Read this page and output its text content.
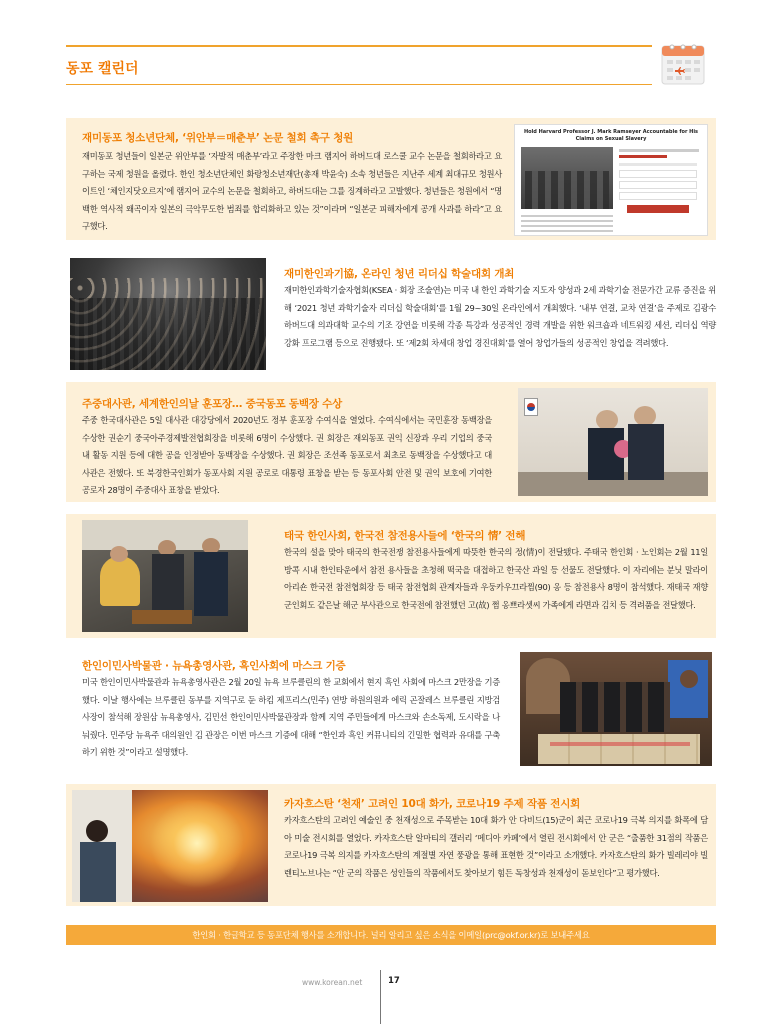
동포 캘린더
재미동포 청소년단체, ‘위안부＝매춘부’ 논문 철회 촉구 청원
재미동포 청년들이 일본군 위안부를 ‘자발적 매춘부’라고 주장한 마크 램지어 하버드대 로스쿨 교수 논문을 철회하라고 요구하는 국제 청원을 올렸다. 한인 청소년단체인 화랑청소년재단(총재 박윤숙) 소속 청년들은 지난주 세계 최대규모 청원사이트인 ‘체인지닷오르지’에 램지어 교수의 논문을 철회하고, 하버드대는 그를 징계하라고 고발했다. 청년들은 청원에서 “명백한 역사적 왜곡이자 일본의 극악무도한 범죄를 합리화하고 있는 것”이라며 “일본군 피해자에게 공개 사과를 하라”고 요구했다.
Hold Harvard Professor J. Mark Ramseyer Accountable for His Claims on Sexual Slavery
재미한인과기協, 온라인 청년 리더십 학술대회 개최
재미한인과학기술자협회(KSEA · 회장 조술연)는 미국 내 한인 과학기술 지도자 양성과 2세 과학기술 전문가간 교류 증진을 위해 ‘2021 청년 과학기술자 리더십 학술대회’를 1월 29~30일 온라인에서 개최했다. ‘내부 연결, 교차 연결’을 주제로 김광수 하버드대 의과대학 교수의 기조 강연을 비롯해 각종 특강과 성공적인 경력 개발을 위한 워크숍과 네트워킹 세션, 리더십 역량 강화 프로그램 등으로 진행됐다. 또 ‘제2회 차세대 창업 경진대회’를 열어 창업가들의 성공적인 창업을 격려했다.
주중대사관, 세계한인의날 훈포장… 중국동포 동백장 수상
주중 한국대사관은 5일 대사관 대강당에서 2020년도 정부 훈포장 수여식을 열었다. 수여식에서는 국민훈장 동백장을 수상한 권순기 중국아주경제발전협회장을 비롯해 6명이 수상했다. 권 회장은 재외동포 권익 신장과 우리 기업의 중국 내 활동 지원 등에 대한 공을 인정받아 동백장을 수상했다. 권 회장은 조선족 동포로서 최초로 동백장을 수상했다고 대사관은 전했다. 또 북경한국인회가 동포사회 지원 공로로 대통령 표창을 받는 등 동포사회 안전 및 권익 보호에 기여한 공로자 28명이 주중대사 표창을 받았다.
태국 한인사회, 한국전 참전용사들에 ‘한국의 情’ 전해
한국의 설을 맞아 태국의 한국전쟁 참전용사들에게 따뜻한 한국의 정(情)이 전달됐다. 주태국 한인회 · 노인회는 2월 11일 방콕 시내 한인타운에서 참전 용사들을 초청해 떡국을 대접하고 한국산 과일 등 선물도 전달했다. 이 자리에는 분닛 말라이아리숀 한국전 참전협회장 등 태국 참전협회 관계자들과 우둥카우끄라찜(90) 옹 등 참전용사 8명이 참석했다. 재태국 재향군인회도 같은날 해군 부사관으로 한국전에 참전했던 고(故) 쩜 옹쁘라셋씨 가족에게 라면과 김치 등 격려품을 전달했다.
한인이민사박물관 · 뉴욕총영사관, 흑인사회에 마스크 기증
미국 한인이민사박물관과 뉴욕총영사관은 2월 20일 뉴욕 브루클린의 한 교회에서 현지 흑인 사회에 마스크 2만장을 기증했다. 이날 행사에는 브루클린 동부를 지역구로 둔 하킴 제프리스(민주) 연방 하원의원과 에릭 곤잘레스 브루클린 지방검사장이 참석해 장원삼 뉴욕총영사, 김민선 한인이민사박물관장과 함께 지역 주민들에게 마스크와 손소독제, 도시락을 나눠줬다. 민주당 뉴욕주 대의원인 김 관장은 이번 마스크 기증에 대해 “한인과 흑인 커뮤니티의 긴밀한 협력과 유대를 구축하기 위한 것”이라고 설명했다.
카자흐스탄 ‘천재’ 고려인 10대 화가, 코로나19 주제 작품 전시회
카자흐스탄의 고려인 예술인 중 천재성으로 주목받는 10대 화가 안 다비드(15)군이 최근 코로나19 극복 의지를 화폭에 담아 미술 전시회를 열었다. 카자흐스탄 알마티의 갤러리 ‘메디아 카페’에서 열린 전시회에서 안 군은 “출품한 31점의 작품은 코로나19 극복 의지를 카자흐스탄의 계절별 자연 풍광을 통해 표현한 것”이라고 소개했다. 카자흐스탄의 화가 빌레리야 빌렌티노브나는 “안 군의 작품은 성인들의 작품에서도 찾아보기 힘든 독창성과 천재성이 돋보인다”고 평가했다.
한인회 · 한글학교 등 동포단체 행사를 소개합니다. 널리 알리고 싶은 소식을 이메일(prc@okf.or.kr)로 보내주세요
www.korean.net	17
